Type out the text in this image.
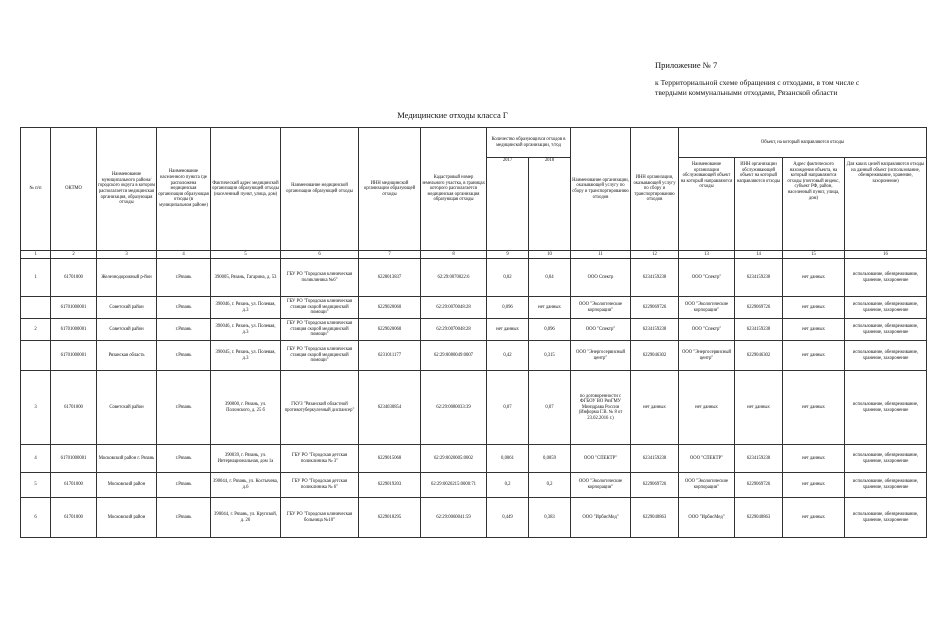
Приложение № 7
к Территориальной схеме обращения с отходами, в том числе с твердыми коммунальными отходами, Рязанской области
Медицинские отходы класса Г
№ п/п	ОКТМО	Наименование муниципального района/городского округа в котором располагается медицинская организация, образующая отходы	Наименование населенного пункта где расположена медицинская организация образующая отходы (в муниципальном районе)	Фактический адрес медицинской организации образующей отходы (населенный пункт, улица, дом)	Наименование медицинской организации образующей отходы	ИНН медицинской организации образующей отходы	Кадастровый номер земельного участка, в границах которого располагается медицинская организация образующая отходы	Количество образующихся отходов в медицинской организации, т/год		Наименование организации, оказывающей услугу по сбору и транспортированию отходов	ИНН организации, оказывающей услугу по сбору и транспортированию отходов	Объект, на который направляются отходы			
								2017	2018			Наименование организации обслуживающей объект на который направляются отходы	ИНН организации обслуживающей объект на который направляются отходы	Адрес фактического нахождения объекта, на который направляются отходы (почтовый индекс, субъект РФ, район, населенный пункт, улица, дом)	Для каких целей направляются отходы на данный объект (использование, обезвреживание, хранение, захоронение)

1	2	3	4	5	6	7	8	9	10	11	12	13	14	15	16
1	61701000	Железнодорожный р-йон	г.Рязань	390005, Рязань, Гагарина, д. 53	ГБУ РО "Городская клиническая поликлиника №6"	6228013837	62:29:0070022:6	0,02	0,04	ООО Спектр	6234159238	ООО "Спектр"	6234159238	нет данных	использование, обезвреживание, хранение, захоронение
	61701000001	Советский район	г.Рязань	390046, г. Рязань, ул. Полевая, д.3	ГБУ РО "Городская клиническая станция скорой медицинской помощи"	6229020060	62:29:0070048:28	0,096	нет данных	ООО "Экологические корпорации"	6229069726	ООО "Экологические корпорации"	6229069726	нет данных	использование, обезвреживание, хранение, захоронение
2	61701000001	Советский район	г.Рязань	390046, г. Рязань, ул. Полевая, д.3	ГБУ РО "Городская клиническая станция скорой медицинской помощи"	6229020060	62:29:0070048:28	нет данных	0,096	ООО "Спектр"	6234159238	ООО "Спектр"	6234159238	нет данных	использование, обезвреживание, хранение, захоронение
	61701000001	Рязанская область	г.Рязань	390045, г. Рязань, ул. Полевая, д.3	ГБУ РО "Городская клиническая станция скорой медицинской помощи"	6231011177	62:29:0080049:0007	0,42	0,315	ООО "Энергосервисный центр"	6229046302	ООО "Энергосервисный центр"	6229046302	нет данных	использование, обезвреживание, хранение, захоронение
3	61701000	Советский район	г.Рязань	390000, г. Рязань, ул. Полонского, д. 25 б	ГКУЗ "Рязанский областной противотуберкулезный диспансер"	6234030854	62:29:0080033:39	0,07	0,07	по договоренности с ФГБОУ ВО РязГМУ Минздрава России (Информа Г.В. № 8 от 23.02.2016 г.)	нет данных	нет данных	нет данных	нет данных	использование, обезвреживание, хранение, захоронение
4	61701000001	Московский район г. Рязань	г.Рязань	390039, г. Рязань, ул. Интернациональная, дом 1а	ГБУ РО "Городская детская поликлиника № 3"	6229015068	62:29:0020005:0002	0,0061	0,0059	ООО "СПЕКТР"	6234159238	ООО "СПЕКТР"	6234159238	нет данных	использование, обезвреживание, хранение, захоронение
5	61701000	Московский район	г.Рязань	390044, г. Рязань, ул. Костычева, д.6	ГБУ РО "Городская детская поликлиника № 6"	6229019203	62:29:0020215:0000:71	0,2	0,2	ООО "Экологические корпорации"	6229069726	ООО "Экологические корпорации"	6229069726	нет данных	использование, обезвреживание, хранение, захоронение
6	61701000	Московский район	г.Рязань	390044, г. Рязань, ул. Крупской, д. 26	ГБУ РО "Городская клиническая больница №10"	6229018295	62:29:0060041:59	0,449	0,383	ООО "ИрбисМед"	6229040863	ООО "ИрбисМед"	6229040863	нет данных	использование, обезвреживание, хранение, захоронение
